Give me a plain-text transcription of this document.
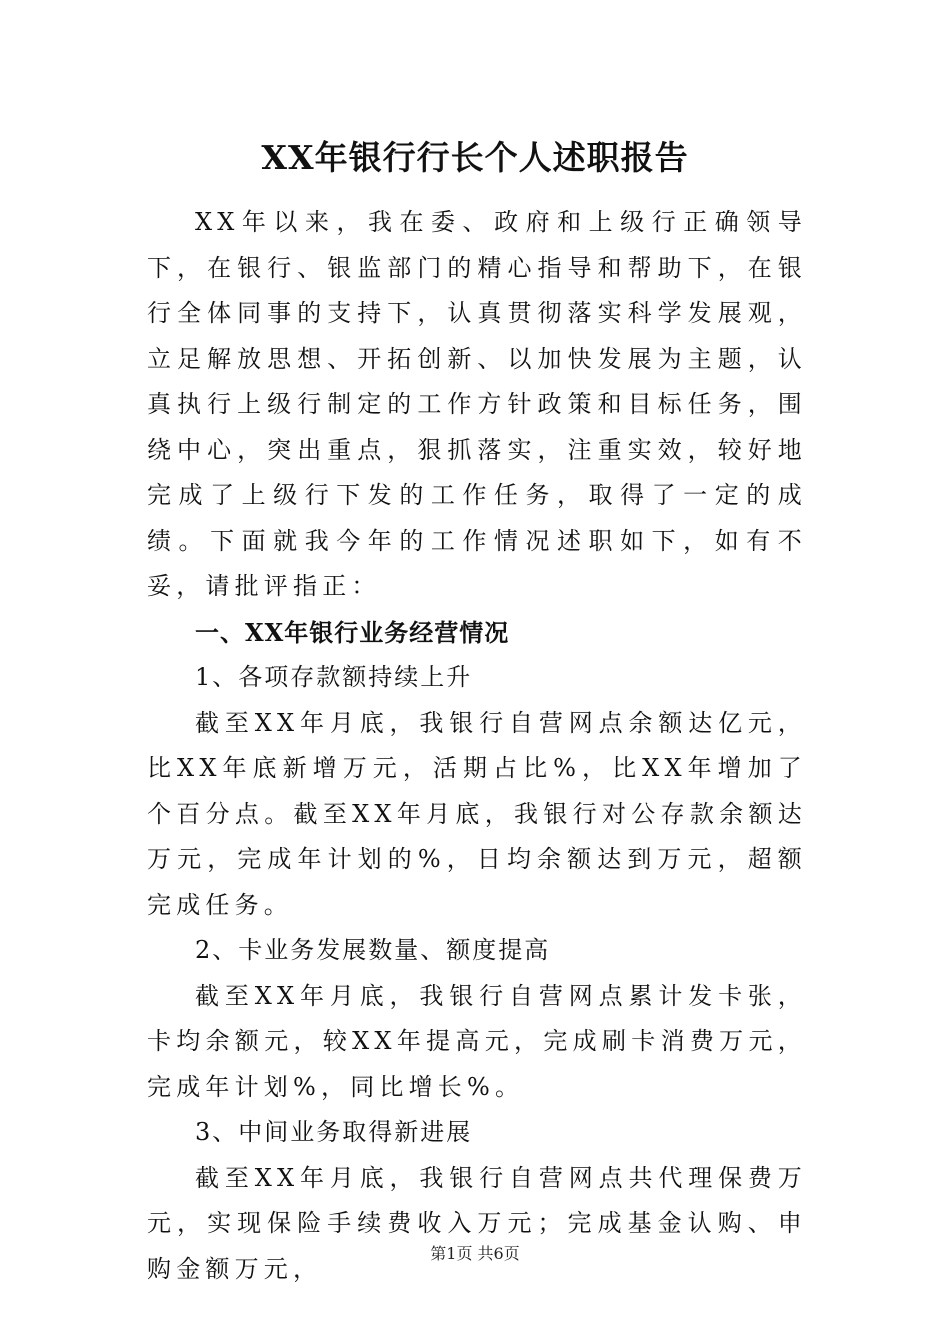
XX年银行行长个人述职报告

XX年以来，我在委、政府和上级行正确领导下，在银行、银监部门的精心指导和帮助下，在银行全体同事的支持下，认真贯彻落实科学发展观，立足解放思想、开拓创新、以加快发展为主题，认真执行上级行制定的工作方针政策和目标任务，围绕中心，突出重点，狠抓落实，注重实效，较好地完成了上级行下发的工作任务，取得了一定的成绩。下面就我今年的工作情况述职如下，如有不妥，请批评指正：

一、XX年银行业务经营情况

1、各项存款额持续上升

截至XX年月底，我银行自营网点余额达亿元，比XX年底新增万元，活期占比%，比XX年增加了个百分点。截至XX年月底，我银行对公存款余额达万元，完成年计划的%，日均余额达到万元，超额完成任务。

2、卡业务发展数量、额度提高

截至XX年月底，我银行自营网点累计发卡张，卡均余额元，较XX年提高元，完成刷卡消费万元，完成年计划%，同比增长%。

3、中间业务取得新进展

截至XX年月底，我银行自营网点共代理保费万元，实现保险手续费收入万元；完成基金认购、申购金额万元，

第1页 共6页
